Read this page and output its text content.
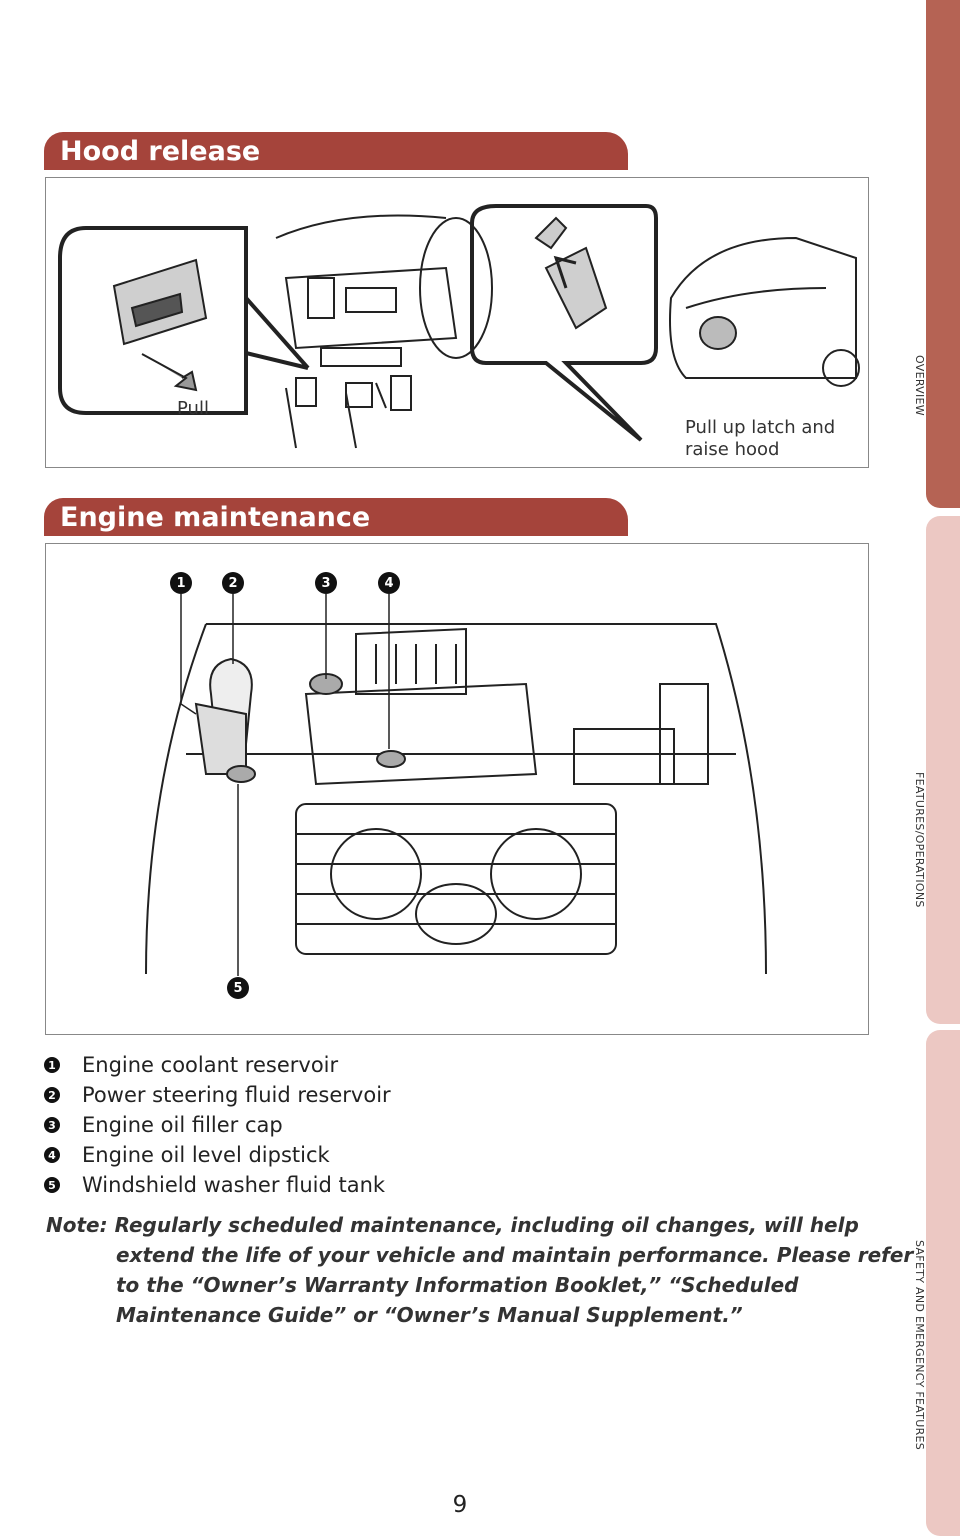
OVERVIEW
FEATURES/OPERATIONS
SAFETY AND EMERGENCY FEATURES
Hood release
Pull
Pull up latch and raise hood
Engine maintenance
1	2	3	4
5
1 Engine coolant reservoir
2 Power steering fluid reservoir
3 Engine oil filler cap
4 Engine oil level dipstick
5 Windshield washer fluid tank
Note: Regularly scheduled maintenance, including oil changes, will help extend the life of your vehicle and maintain performance. Please refer to the “Owner’s Warranty Information Booklet,” “Scheduled Maintenance Guide” or “Owner’s Manual Supplement.”
9
